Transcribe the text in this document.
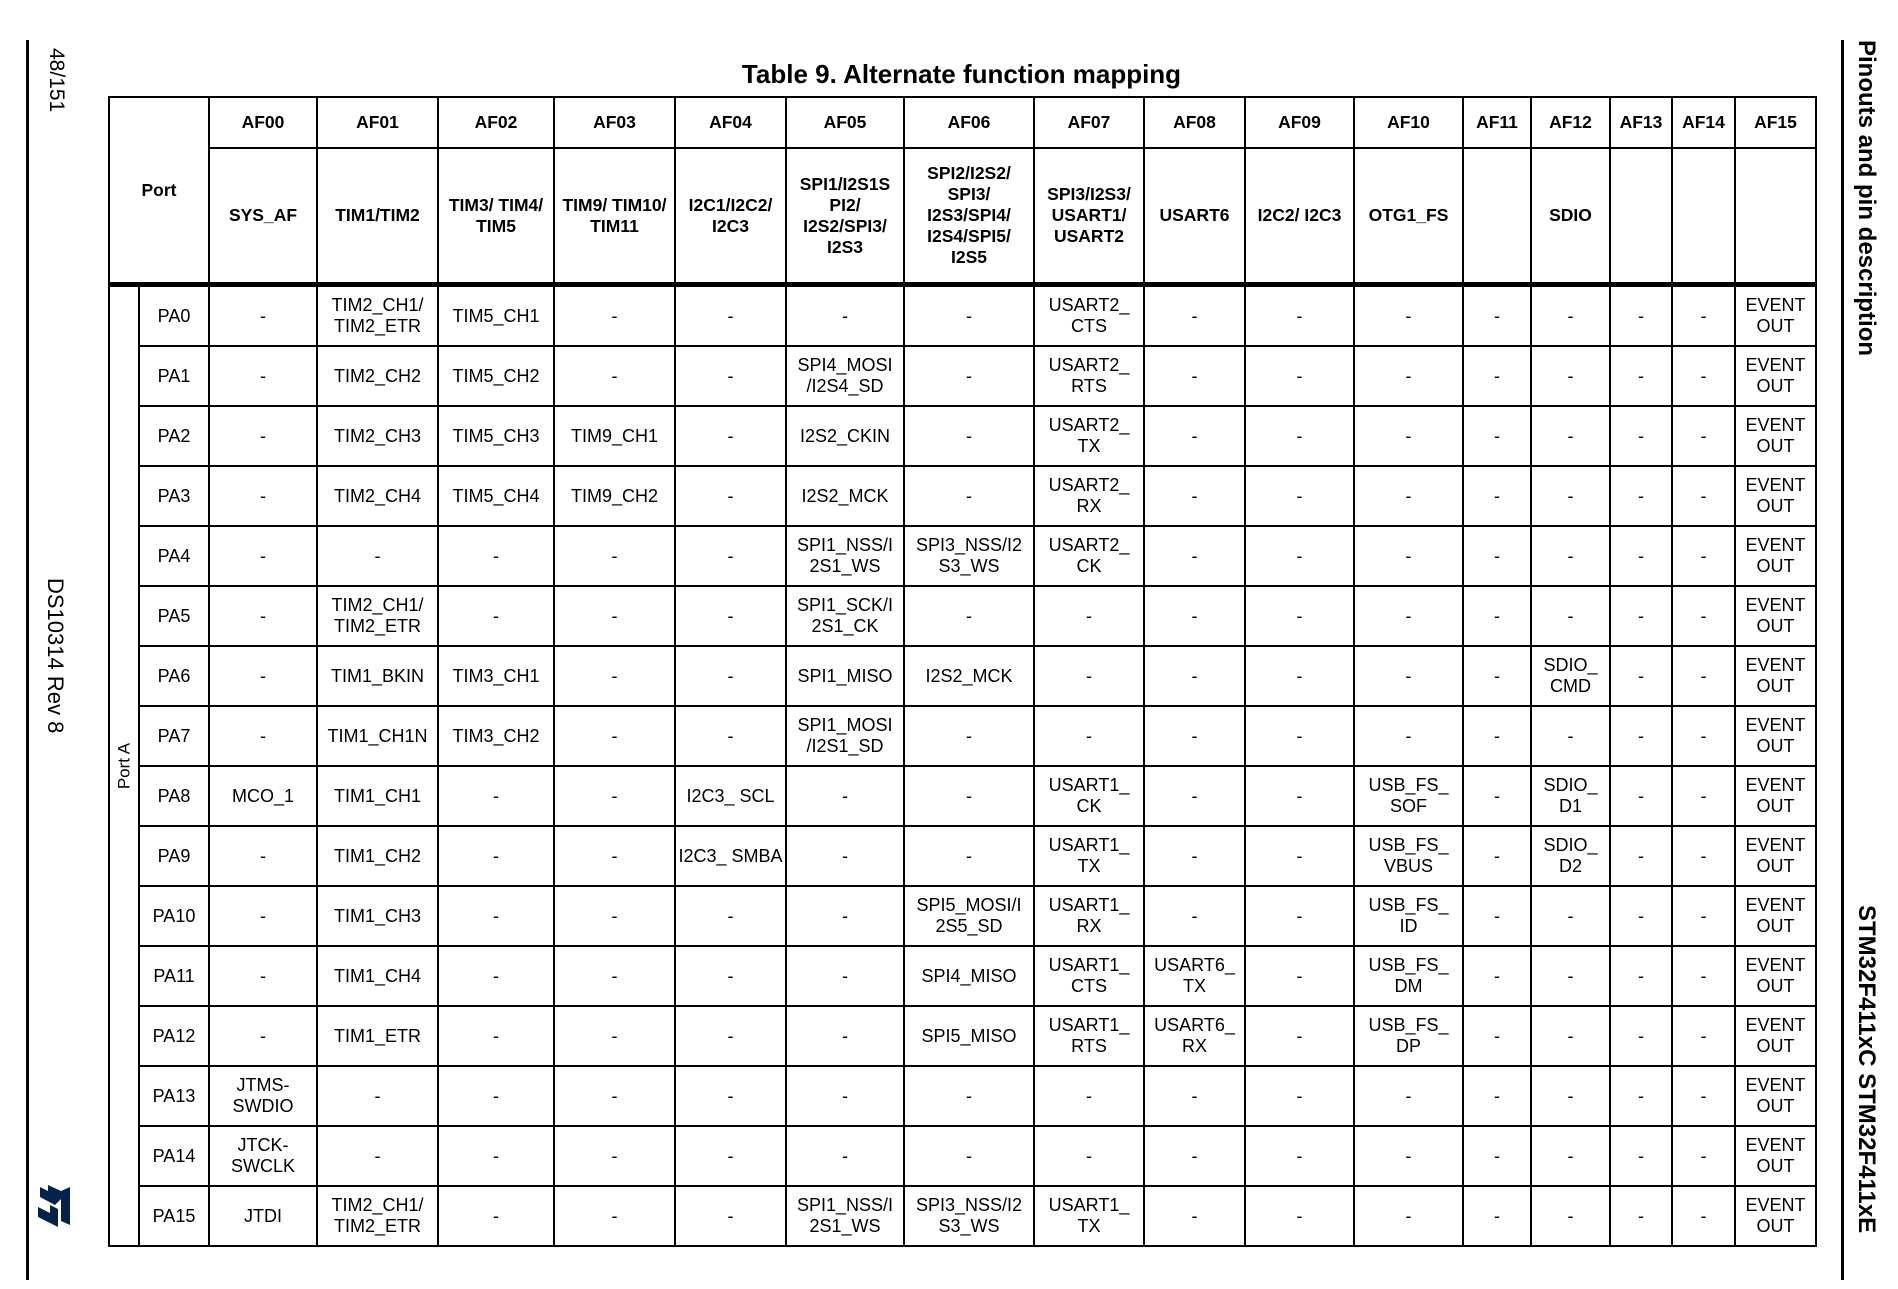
48/151
DS10314 Rev 8
Pinouts and pin description
STM32F411xC STM32F411xE
Table 9. Alternate function mapping
Port		AF00	AF01	AF02	AF03	AF04	AF05	AF06	AF07	AF08	AF09	AF10	AF11	AF12	AF13	AF14	AF15
		SYS_AF	TIM1/TIM2	TIM3/ TIM4/ TIM5	TIM9/ TIM10/ TIM11	I2C1/I2C2/ I2C3	SPI1/I2S1S PI2/ I2S2/SPI3/ I2S3	SPI2/I2S2/ SPI3/ I2S3/SPI4/ I2S4/SPI5/ I2S5	SPI3/I2S3/ USART1/ USART2	USART6	I2C2/ I2C3	OTG1_FS		SDIO			

Port A	PA0	-	TIM2_CH1/ TIM2_ETR	TIM5_CH1	-	-	-	-	USART2_ CTS	-	-	-	-	-	-	-	EVENT OUT
	PA1	-	TIM2_CH2	TIM5_CH2	-	-	SPI4_MOSI /I2S4_SD	-	USART2_ RTS	-	-	-	-	-	-	-	EVENT OUT
	PA2	-	TIM2_CH3	TIM5_CH3	TIM9_CH1	-	I2S2_CKIN	-	USART2_ TX	-	-	-	-	-	-	-	EVENT OUT
	PA3	-	TIM2_CH4	TIM5_CH4	TIM9_CH2	-	I2S2_MCK	-	USART2_ RX	-	-	-	-	-	-	-	EVENT OUT
	PA4	-	-	-	-	-	SPI1_NSS/I 2S1_WS	SPI3_NSS/I2 S3_WS	USART2_ CK	-	-	-	-	-	-	-	EVENT OUT
	PA5	-	TIM2_CH1/ TIM2_ETR	-	-	-	SPI1_SCK/I 2S1_CK	-	-	-	-	-	-	-	-	-	EVENT OUT
	PA6	-	TIM1_BKIN	TIM3_CH1	-	-	SPI1_MISO	I2S2_MCK	-	-	-	-	-	SDIO_ CMD	-	-	EVENT OUT
	PA7	-	TIM1_CH1N	TIM3_CH2	-	-	SPI1_MOSI /I2S1_SD	-	-	-	-	-	-	-	-	-	EVENT OUT
	PA8	MCO_1	TIM1_CH1	-	-	I2C3_ SCL	-	-	USART1_ CK	-	-	USB_FS_ SOF	-	SDIO_ D1	-	-	EVENT OUT
	PA9	-	TIM1_CH2	-	-	I2C3_ SMBA	-	-	USART1_ TX	-	-	USB_FS_ VBUS	-	SDIO_ D2	-	-	EVENT OUT
	PA10	-	TIM1_CH3	-	-	-	-	SPI5_MOSI/I 2S5_SD	USART1_ RX	-	-	USB_FS_ ID	-	-	-	-	EVENT OUT
	PA11	-	TIM1_CH4	-	-	-	-	SPI4_MISO	USART1_ CTS	USART6_ TX	-	USB_FS_ DM	-	-	-	-	EVENT OUT
	PA12	-	TIM1_ETR	-	-	-	-	SPI5_MISO	USART1_ RTS	USART6_ RX	-	USB_FS_ DP	-	-	-	-	EVENT OUT
	PA13	JTMS- SWDIO	-	-	-	-	-	-	-	-	-	-	-	-	-	-	EVENT OUT
	PA14	JTCK- SWCLK	-	-	-	-	-	-	-	-	-	-	-	-	-	-	EVENT OUT
	PA15	JTDI	TIM2_CH1/ TIM2_ETR	-	-	-	SPI1_NSS/I 2S1_WS	SPI3_NSS/I2 S3_WS	USART1_ TX	-	-	-	-	-	-	-	EVENT OUT
